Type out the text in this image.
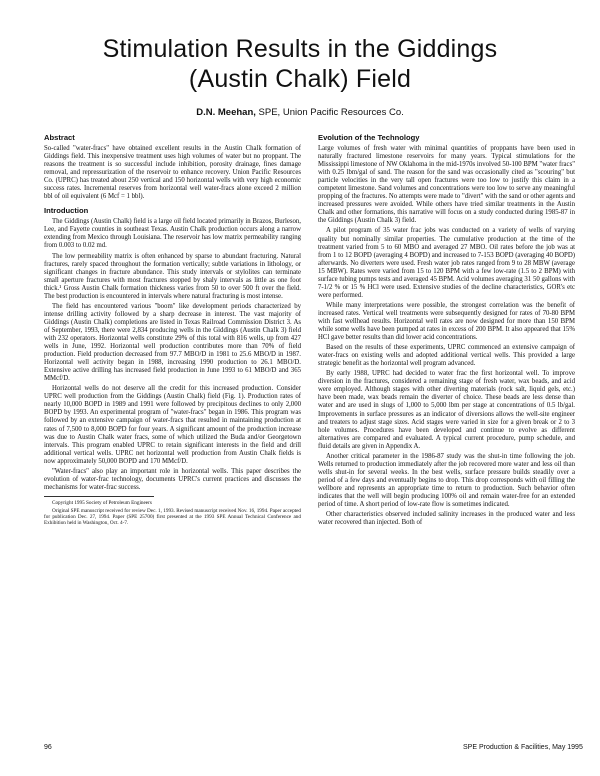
Stimulation Results in the Giddings
(Austin Chalk) Field
D.N. Meehan, SPE, Union Pacific Resources Co.
Abstract

So-called "water-fracs" have obtained excellent results in the Austin Chalk formation of Giddings field. This inexpensive treatment uses high volumes of water but no proppant. The reasons the treatment is so successful include inhibition, porosity drainage, fines damage removal, and repressurization of the reservoir to enhance recovery. Union Pacific Resources Co. (UPRC) has treated about 250 vertical and 150 horizontal wells with very high economic success rates. Incremental reserves from horizontal well water-fracs alone exceed 2 million bbl of oil equivalent (6 Mcf = 1 bbl).

Introduction

The Giddings (Austin Chalk) field is a large oil field located primarily in Brazos, Burleson, Lee, and Fayette counties in southeast Texas. Austin Chalk production occurs along a narrow extending from Mexico through Louisiana. The reservoir has low matrix permeability ranging from 0.003 to 0.02 md.

The low permeability matrix is often enhanced by sparse to abundant fracturing. Natural fractures, rarely spaced throughout the formation vertically; subtle variations in lithology, or significant changes in fracture abundance. This study intervals or stylolites can terminate small aperture fractures with most fractures stopped by shaly intervals as little as one foot thick.¹ Gross Austin Chalk formation thickness varies from 50 to over 500 ft over the field. The best production is encountered in intervals where natural fracturing is most intense.

The field has encountered various "boom" like development periods characterized by intense drilling activity followed by a sharp decrease in interest. The vast majority of Giddings (Austin Chalk) completions are listed in Texas Railroad Commission District 3. As of September, 1993, there were 2,834 producing wells in the Giddings (Austin Chalk 3) field with 232 operators. Horizontal wells constitute 29% of this total with 816 wells, up from 427 wells in June, 1992. Horizontal well production contributes more than 70% of field production. Field production decreased from 97.7 MBO/D in 1981 to 25.6 MBO/D in 1987. Horizontal well activity began in 1988, increasing 1990 production to 26.1 MBO/D. Extensive active drilling has increased field production in June 1993 to 61 MBO/D and 365 MMcf/D.

Horizontal wells do not deserve all the credit for this increased production. Consider UPRC well production from the Giddings (Austin Chalk) field (Fig. 1). Production rates of nearly 10,000 BOPD in 1989 and 1991 were followed by precipitous declines to only 2,000 BOPD by 1993. An experimental program of "water-fracs" began in 1986. This program was followed by an extensive campaign of water-fracs that resulted in maintaining production at rates of 7,500 to 8,000 BOPD for four years. A significant amount of the production increase was due to Austin Chalk water fracs, some of which utilized the Buda and/or Georgetown intervals. This program enabled UPRC to retain significant interests in the field and drill additional vertical wells. UPRC net horizontal well production from Austin Chalk fields is now approximately 50,000 BOPD and 170 MMcf/D.

"Water-fracs" also play an important role in horizontal wells. This paper describes the evolution of water-frac technology, documents UPRC's current practices and discusses the mechanisms for water-frac success.

Copyright 1995 Society of Petroleum Engineers

Original SPE manuscript received for review Dec. 1, 1993. Revised manuscript received Nov. 16, 1994. Paper accepted for publication Dec. 27, 1994. Paper (SPE 25700) first presented at the 1993 SPE Annual Technical Conference and Exhibition held in Washington, Oct. 4-7.

Evolution of the Technology

Large volumes of fresh water with minimal quantities of proppants have been used in naturally fractured limestone reservoirs for many years. Typical stimulations for the Mississippi limestone of NW Oklahoma in the mid-1970s involved 50-100 BPM "water fracs" with 0.25 lbm/gal of sand. The reason for the sand was occasionally cited as "scouring" but particle velocities in the very tall open fractures were too low to justify this claim in a competent limestone. Sand volumes and concentrations were too low to serve any meaningful propping of the fractures. No attempts were made to "divert" with the sand or other agents and increased pressures were avoided. While others have tried similar treatments in the Austin Chalk and other formations, this narrative will focus on a study conducted during 1985-87 in the Giddings (Austin Chalk 3) field.

A pilot program of 35 water frac jobs was conducted on a variety of wells of varying quality but nominally similar properties. The cumulative production at the time of the treatment varied from 5 to 60 MBO and averaged 27 MBO. Oil rates before the job was at from 1 to 12 BOPD (averaging 4 BOPD) and increased to 7-153 BOPD (averaging 40 BOPD) afterwards. No diverters were used. Fresh water job rates ranged from 9 to 28 MBW (average 15 MBW). Rates were varied from 15 to 120 BPM with a few low-rate (1.5 to 2 BPM) with surface tubing pumps tests and averaged 45 BPM. Acid volumes averaging 31 50 gallons with 7-1/2 % or 15 % HCl were used. Extensive studies of the decline characteristics, GOR's etc were performed.

While many interpretations were possible, the strongest correlation was the benefit of increased rates. Vertical well treatments were subsequently designed for rates of 70-80 BPM with fast wellhead results. Horizontal well rates are now designed for more than 150 BPM while some wells have been pumped at rates in excess of 200 BPM. It also appeared that 15% HCl gave better results than did lower acid concentrations.

Based on the results of these experiments, UPRC commenced an extensive campaign of water-fracs on existing wells and adopted additional vertical wells. This provided a large strategic benefit as the horizontal well program advanced.

By early 1988, UPRC had decided to water frac the first horizontal well. To improve diversion in the fractures, considered a remaining stage of fresh water, wax beads, and acid were employed. Although stages with other diverting materials (rock salt, liquid gels, etc.) have been made, wax beads remain the diverter of choice. These beads are less dense than water and are used in slugs of 1,000 to 5,000 lbm per stage at concentrations of 0.5 lb/gal. Improvements in surface pressures as an indicator of diversions allows the well-site engineer and treaters to adjust stage sizes. Acid stages were varied in size for a given break or 2 to 3 hole volumes. Procedures have been developed and continue to evolve as different alternatives are compared and evaluated. A typical current procedure, pump schedule, and fluid details are given in Appendix A.

Another critical parameter in the 1986-87 study was the shut-in time following the job. Wells returned to production immediately after the job recovered more water and less oil than wells shut-in for several weeks. In the best wells, surface pressure builds steadily over a period of a few days and eventually begins to drop. This drop corresponds with oil filling the wellbore and represents an appropriate time to return to production. Such behavior often indicates that the well will begin producing 100% oil and remain water-free for an extended period of time. A short period of low-rate flow is sometimes indicated.

Other characteristics observed included salinity increases in the produced water and less water recovered than injected. Both of

96	SPE Production & Facilities, May 1995
